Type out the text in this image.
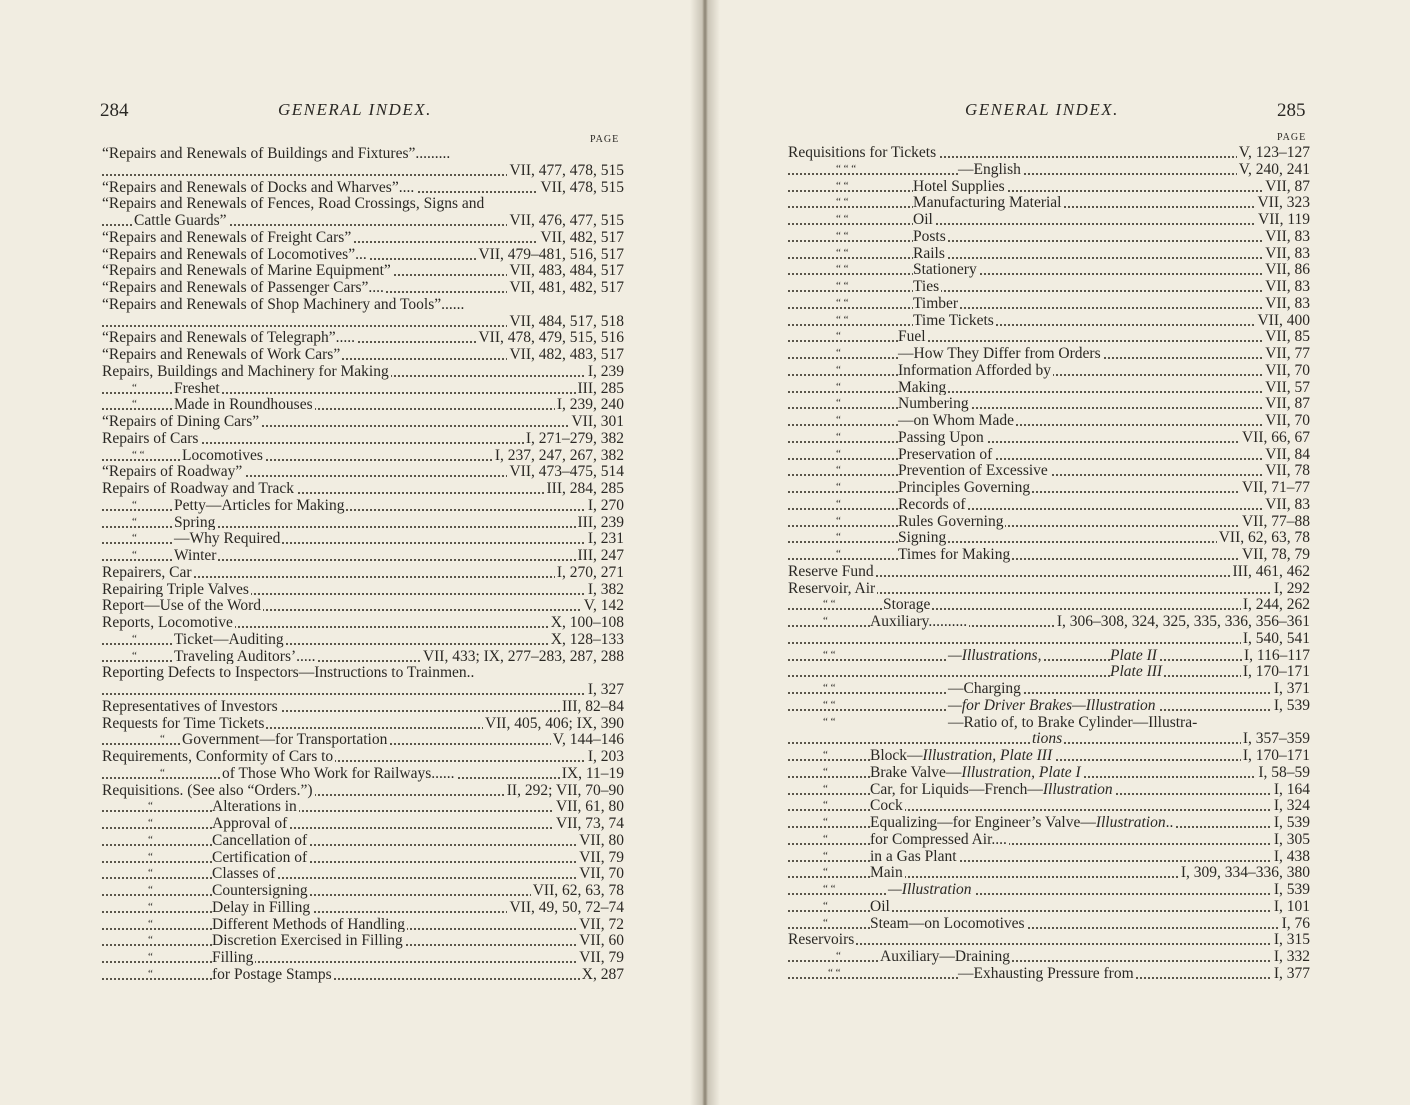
284	GENERAL INDEX.
PAGE
“Repairs and Renewals of Buildings and Fixtures”.........
VII, 477, 478, 515
“Repairs and Renewals of Docks and Wharves”....	VII, 478, 515
“Repairs and Renewals of Fences, Road Crossings, Signs and
Cattle Guards”	VII, 476, 477, 515
“Repairs and Renewals of Freight Cars”	VII, 482, 517
“Repairs and Renewals of Locomotives”...	VII, 479–481, 516, 517
“Repairs and Renewals of Marine Equipment”	VII, 483, 484, 517
“Repairs and Renewals of Passenger Cars”....	VII, 481, 482, 517
“Repairs and Renewals of Shop Machinery and Tools”......
VII, 484, 517, 518
“Repairs and Renewals of Telegraph”.....	VII, 478, 479, 515, 516
“Repairs and Renewals of Work Cars”	VII, 482, 483, 517
Repairs, Buildings and Machinery for Making	I, 239
“ Freshet	III, 285
“ Made in Roundhouses	I, 239, 240
“Repairs of Dining Cars”	VII, 301
Repairs of Cars	I, 271–279, 382
“ “ Locomotives	I, 237, 247, 267, 382
“Repairs of Roadway”	VII, 473–475, 514
Repairs of Roadway and Track	III, 284, 285
“ Petty—Articles for Making	I, 270
“ Spring	III, 239
“ —Why Required	I, 231
“ Winter	III, 247
Repairers, Car	I, 270, 271
Repairing Triple Valves	I, 382
Report—Use of the Word	V, 142
Reports, Locomotive	X, 100–108
“ Ticket—Auditing	X, 128–133
“ Traveling Auditors’.....	VII, 433; IX, 277–283, 287, 288
Reporting Defects to Inspectors—Instructions to Trainmen..
I, 327
Representatives of Investors	III, 82–84
Requests for Time Tickets	VII, 405, 406; IX, 390
“ Government—for Transportation	V, 144–146
Requirements, Conformity of Cars to	I, 203
“	of Those Who Work for Railways......	IX, 11–19
Requisitions. (See also “Orders.”)	II, 292; VII, 70–90
“	Alterations in	VII, 61, 80
“	Approval of	VII, 73, 74
“	Cancellation of	VII, 80
“	Certification of	VII, 79
“	Classes of	VII, 70
“	Countersigning	VII, 62, 63, 78
“	Delay in Filling	VII, 49, 50, 72–74
“	Different Methods of Handling	VII, 72
“	Discretion Exercised in Filling	VII, 60
“	Filling	VII, 79
“	for Postage Stamps	X, 287
GENERAL INDEX.	285
PAGE
Requisitions for Tickets	V, 123–127
“ “ “	—English	V, 240, 241
“ “	Hotel Supplies	VII, 87
“ “	Manufacturing Material	VII, 323
“ “	Oil	VII, 119
“ “	Posts	VII, 83
“ “	Rails	VII, 83
“ “	Stationery	VII, 86
“ “	Ties	VII, 83
“ “	Timber	VII, 83
“ “	Time Tickets	VII, 400
“	Fuel	VII, 85
“	—How They Differ from Orders	VII, 77
“	Information Afforded by	VII, 70
“	Making	VII, 57
“	Numbering	VII, 87
“	—on Whom Made	VII, 70
“	Passing Upon	VII, 66, 67
“	Preservation of	VII, 84
“	Prevention of Excessive	VII, 78
“	Principles Governing	VII, 71–77
“	Records of	VII, 83
“	Rules Governing	VII, 77–88
“	Signing	VII, 62, 63, 78
“	Times for Making	VII, 78, 79
Reserve Fund	III, 461, 462
Reservoir, Air	I, 292
“ “	Storage	I, 244, 262
“	Auxiliary..........	I, 306–308, 324, 325, 335, 336, 356–361
I, 540, 541
“ “	—Illustrations,	Plate II	I, 116–117
Plate III	I, 170–171
“ “	—Charging	I, 371
“ “	—for Driver Brakes—Illustration	I, 539
“ “	—Ratio of, to Brake Cylinder—Illustra-
tions	I, 357–359
“	Block—Illustration, Plate III	I, 170–171
“	Brake Valve—Illustration, Plate I	I, 58–59
“	Car, for Liquids—French—Illustration	I, 164
“	Cock	I, 324
“	Equalizing—for Engineer’s Valve—Illustration..	I, 539
“	for Compressed Air....	I, 305
“	in a Gas Plant	I, 438
“	Main	I, 309, 334–336, 380
“ “	—Illustration	I, 539
“	Oil	I, 101
“	Steam—on Locomotives	I, 76
Reservoirs	I, 315
“	Auxiliary—Draining	I, 332
“ “	—Exhausting Pressure from	I, 377
